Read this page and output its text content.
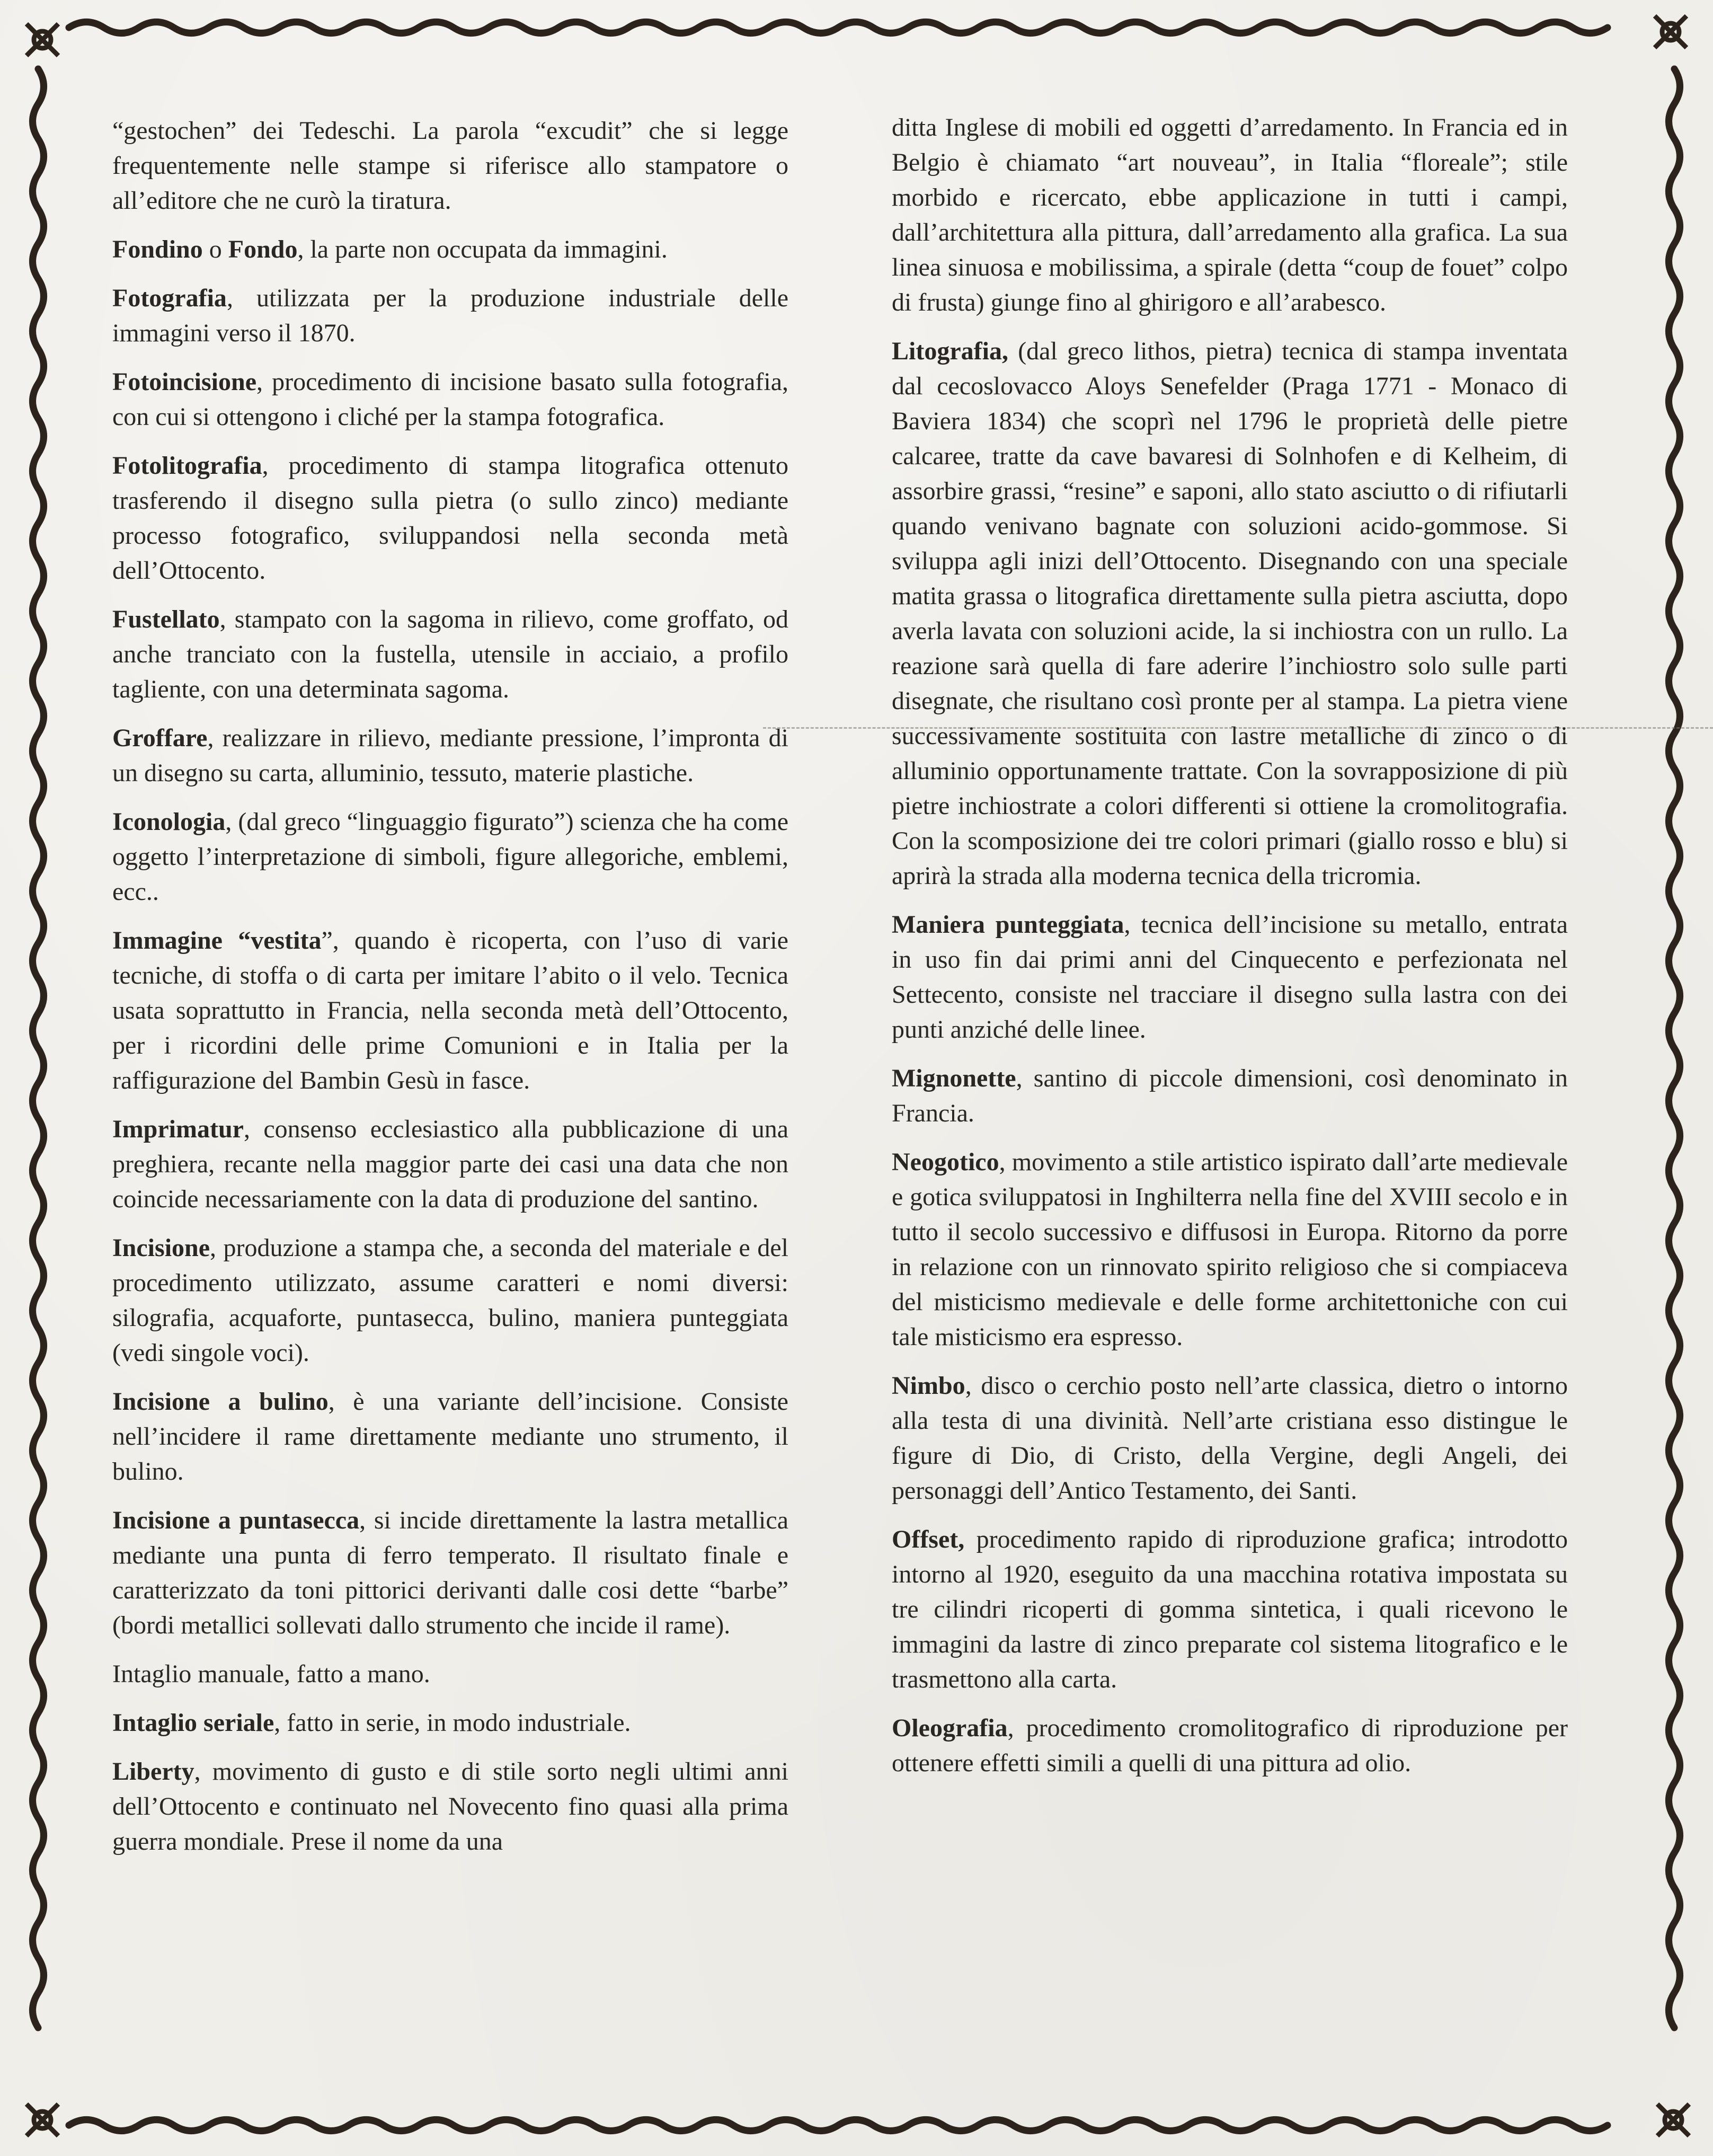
“gestochen” dei Tedeschi. La parola “excudit” che si legge frequentemente nelle stampe si riferisce allo stampatore o all’editore che ne curò la tiratura.

Fondino o Fondo, la parte non occupata da immagini.

Fotografia, utilizzata per la produzione industriale delle immagini verso il 1870.

Fotoincisione, procedimento di incisione basato sulla fotografia, con cui si ottengono i cliché per la stampa fotografica.

Fotolitografia, procedimento di stampa litografica ottenuto trasferendo il disegno sulla pietra (o sullo zinco) mediante processo fotografico, sviluppandosi nella seconda metà dell’Ottocento.

Fustellato, stampato con la sagoma in rilievo, come groffato, od anche tranciato con la fustella, utensile in acciaio, a profilo tagliente, con una determinata sagoma.

Groffare, realizzare in rilievo, mediante pressione, l’impronta di un disegno su carta, alluminio, tessuto, materie plastiche.

Iconologia, (dal greco “linguaggio figurato”) scienza che ha come oggetto l’interpretazione di simboli, figure allegoriche, emblemi, ecc..

Immagine “vestita”, quando è ricoperta, con l’uso di varie tecniche, di stoffa o di carta per imitare l’abito o il velo. Tecnica usata soprattutto in Francia, nella seconda metà dell’Ottocento, per i ricordini delle prime Comunioni e in Italia per la raffigurazione del Bambin Gesù in fasce.

Imprimatur, consenso ecclesiastico alla pubblicazione di una preghiera, recante nella maggior parte dei casi una data che non coincide necessariamente con la data di produzione del santino.

Incisione, produzione a stampa che, a seconda del materiale e del procedimento utilizzato, assume caratteri e nomi diversi: silografia, acquaforte, puntasecca, bulino, maniera punteggiata (vedi singole voci).

Incisione a bulino, è una variante dell’incisione. Consiste nell’incidere il rame direttamente mediante uno strumento, il bulino.

Incisione a puntasecca, si incide direttamente la lastra metallica mediante una punta di ferro temperato. Il risultato finale e caratterizzato da toni pittorici derivanti dalle cosi dette “barbe” (bordi metallici sollevati dallo strumento che incide il rame).

Intaglio manuale, fatto a mano.

Intaglio seriale, fatto in serie, in modo industriale.

Liberty, movimento di gusto e di stile sorto negli ultimi anni dell’Ottocento e continuato nel Novecento fino quasi alla prima guerra mondiale. Prese il nome da una

ditta Inglese di mobili ed oggetti d’arredamento. In Francia ed in Belgio è chiamato “art nouveau”, in Italia “floreale”; stile morbido e ricercato, ebbe applicazione in tutti i campi, dall’architettura alla pittura, dall’arredamento alla grafica. La sua linea sinuosa e mobilissima, a spirale (detta “coup de fouet” colpo di frusta) giunge fino al ghirigoro e all’arabesco.

Litografia, (dal greco lithos, pietra) tecnica di stampa inventata dal cecoslovacco Aloys Senefelder (Praga 1771 - Monaco di Baviera 1834) che scoprì nel 1796 le proprietà delle pietre calcaree, tratte da cave bavaresi di Solnhofen e di Kelheim, di assorbire grassi, “resine” e saponi, allo stato asciutto o di rifiutarli quando venivano bagnate con soluzioni acido-gommose. Si sviluppa agli inizi dell’Ottocento. Disegnando con una speciale matita grassa o litografica direttamente sulla pietra asciutta, dopo averla lavata con soluzioni acide, la si inchiostra con un rullo. La reazione sarà quella di fare aderire l’inchiostro solo sulle parti disegnate, che risultano così pronte per al stampa. La pietra viene successivamente sostituita con lastre metalliche di zinco o di alluminio opportunamente trattate. Con la sovrapposizione di più pietre inchiostrate a colori differenti si ottiene la cromolitografia. Con la scomposizione dei tre colori primari (giallo rosso e blu) si aprirà la strada alla moderna tecnica della tricromia.

Maniera punteggiata, tecnica dell’incisione su metallo, entrata in uso fin dai primi anni del Cinquecento e perfezionata nel Settecento, consiste nel tracciare il disegno sulla lastra con dei punti anziché delle linee.

Mignonette, santino di piccole dimensioni, così denominato in Francia.

Neogotico, movimento a stile artistico ispirato dall’arte medievale e gotica sviluppatosi in Inghilterra nella fine del XVIII secolo e in tutto il secolo successivo e diffusosi in Europa. Ritorno da porre in relazione con un rinnovato spirito religioso che si compiaceva del misticismo medievale e delle forme architettoniche con cui tale misticismo era espresso.

Nimbo, disco o cerchio posto nell’arte classica, dietro o intorno alla testa di una divinità. Nell’arte cristiana esso distingue le figure di Dio, di Cristo, della Vergine, degli Angeli, dei personaggi dell’Antico Testamento, dei Santi.

Offset, procedimento rapido di riproduzione grafica; introdotto intorno al 1920, eseguito da una macchina rotativa impostata su tre cilindri ricoperti di gomma sintetica, i quali ricevono le immagini da lastre di zinco preparate col sistema litografico e le trasmettono alla carta.

Oleografia, procedimento cromolitografico di riproduzione per ottenere effetti simili a quelli di una pittura ad olio.
